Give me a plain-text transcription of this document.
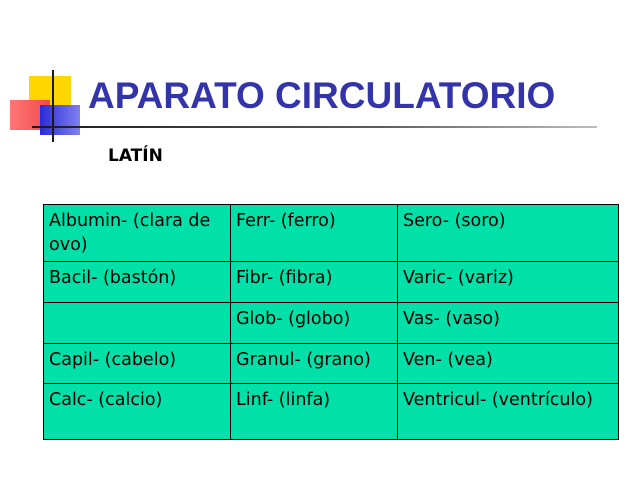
APARATO CIRCULATORIO
LATÍN
Albumin- (clara de ovo)	Ferr- (ferro)	Sero- (soro)
Bacil- (bastón)	Fibr- (fibra)	Varic- (variz)
	Glob- (globo)	Vas- (vaso)
Capil- (cabelo)	Granul- (grano)	Ven- (vea)
Calc- (calcio)	Linf- (linfa)	Ventricul- (ventrículo)
